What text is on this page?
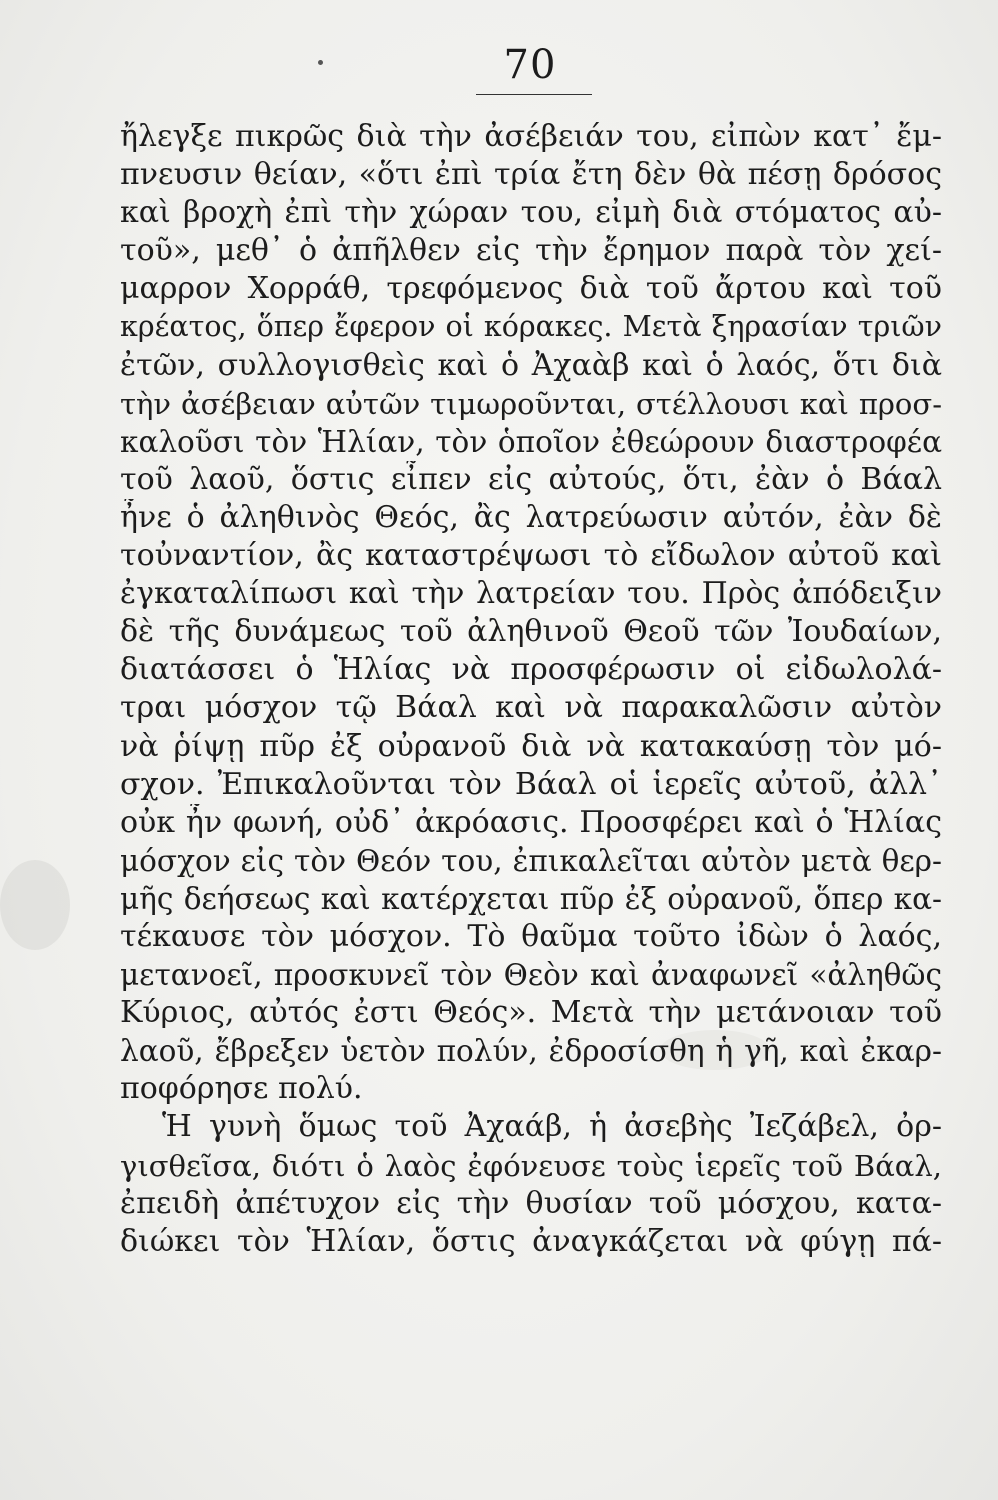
70
ἤλεγξε πικρῶς διὰ τὴν ἀσέβειάν του, εἰπὼν κατ᾽ ἔμ-
πνευσιν θείαν, «ὅτι ἐπὶ τρία ἔτη δὲν θὰ πέσῃ δρόσος
καὶ βροχὴ ἐπὶ τὴν χώραν του, εἰμὴ διὰ στόματος αὐ-
τοῦ», μεθ᾽ ὁ ἀπῆλθεν εἰς τὴν ἔρημον παρὰ τὸν χεί-
μαρρον Χορράθ, τρεφόμενος διὰ τοῦ ἄρτου καὶ τοῦ
κρέατος, ὅπερ ἔφερον οἱ κόρακες. Μετὰ ξηρασίαν τριῶν
ἐτῶν, συλλογισθεὶς καὶ ὁ Ἀχαὰβ καὶ ὁ λαός, ὅτι διὰ
τὴν ἀσέβειαν αὐτῶν τιμωροῦνται, στέλλουσι καὶ προσ-
καλοῦσι τὸν Ἡλίαν, τὸν ὁποῖον ἐθεώρουν διαστροφέα
τοῦ λαοῦ, ὅστις εἶπεν εἰς αὐτούς, ὅτι, ἐὰν ὁ Βάαλ
ἦνε ὁ ἀληθινὸς Θεός, ἂς λατρεύωσιν αὐτόν, ἐὰν δὲ
τοὐναντίον, ἂς καταστρέψωσι τὸ εἴδωλον αὐτοῦ καὶ
ἐγκαταλίπωσι καὶ τὴν λατρείαν του. Πρὸς ἀπόδειξιν
δὲ τῆς δυνάμεως τοῦ ἀληθινοῦ Θεοῦ τῶν Ἰουδαίων,
διατάσσει ὁ Ἡλίας νὰ προσφέρωσιν οἱ εἰδωλολά-
τραι μόσχον τῷ Βάαλ καὶ νὰ παρακαλῶσιν αὐτὸν
νὰ ῥίψῃ πῦρ ἐξ οὐρανοῦ διὰ νὰ κατακαύσῃ τὸν μό-
σχον. Ἐπικαλοῦνται τὸν Βάαλ οἱ ἱερεῖς αὐτοῦ, ἀλλ᾽
οὐκ ἦν φωνή, οὐδ᾽ ἀκρόασις. Προσφέρει καὶ ὁ Ἡλίας
μόσχον εἰς τὸν Θεόν του, ἐπικαλεῖται αὐτὸν μετὰ θερ-
μῆς δεήσεως καὶ κατέρχεται πῦρ ἐξ οὐρανοῦ, ὅπερ κα-
τέκαυσε τὸν μόσχον. Τὸ θαῦμα τοῦτο ἰδὼν ὁ λαός,
μετανοεῖ, προσκυνεῖ τὸν Θεὸν καὶ ἀναφωνεῖ «ἀληθῶς
Κύριος, αὐτός ἐστι Θεός». Μετὰ τὴν μετάνοιαν τοῦ
λαοῦ, ἔβρεξεν ὑετὸν πολύν, ἐδροσίσθη ἡ γῆ, καὶ ἐκαρ-
ποφόρησε πολύ.
Ἡ γυνὴ ὅμως τοῦ Ἀχαάβ, ἡ ἀσεβὴς Ἰεζάβελ, ὀρ-
γισθεῖσα, διότι ὁ λαὸς ἐφόνευσε τοὺς ἱερεῖς τοῦ Βάαλ,
ἐπειδὴ ἀπέτυχον εἰς τὴν θυσίαν τοῦ μόσχου, κατα-
διώκει τὸν Ἡλίαν, ὅστις ἀναγκάζεται νὰ φύγῃ πά-
